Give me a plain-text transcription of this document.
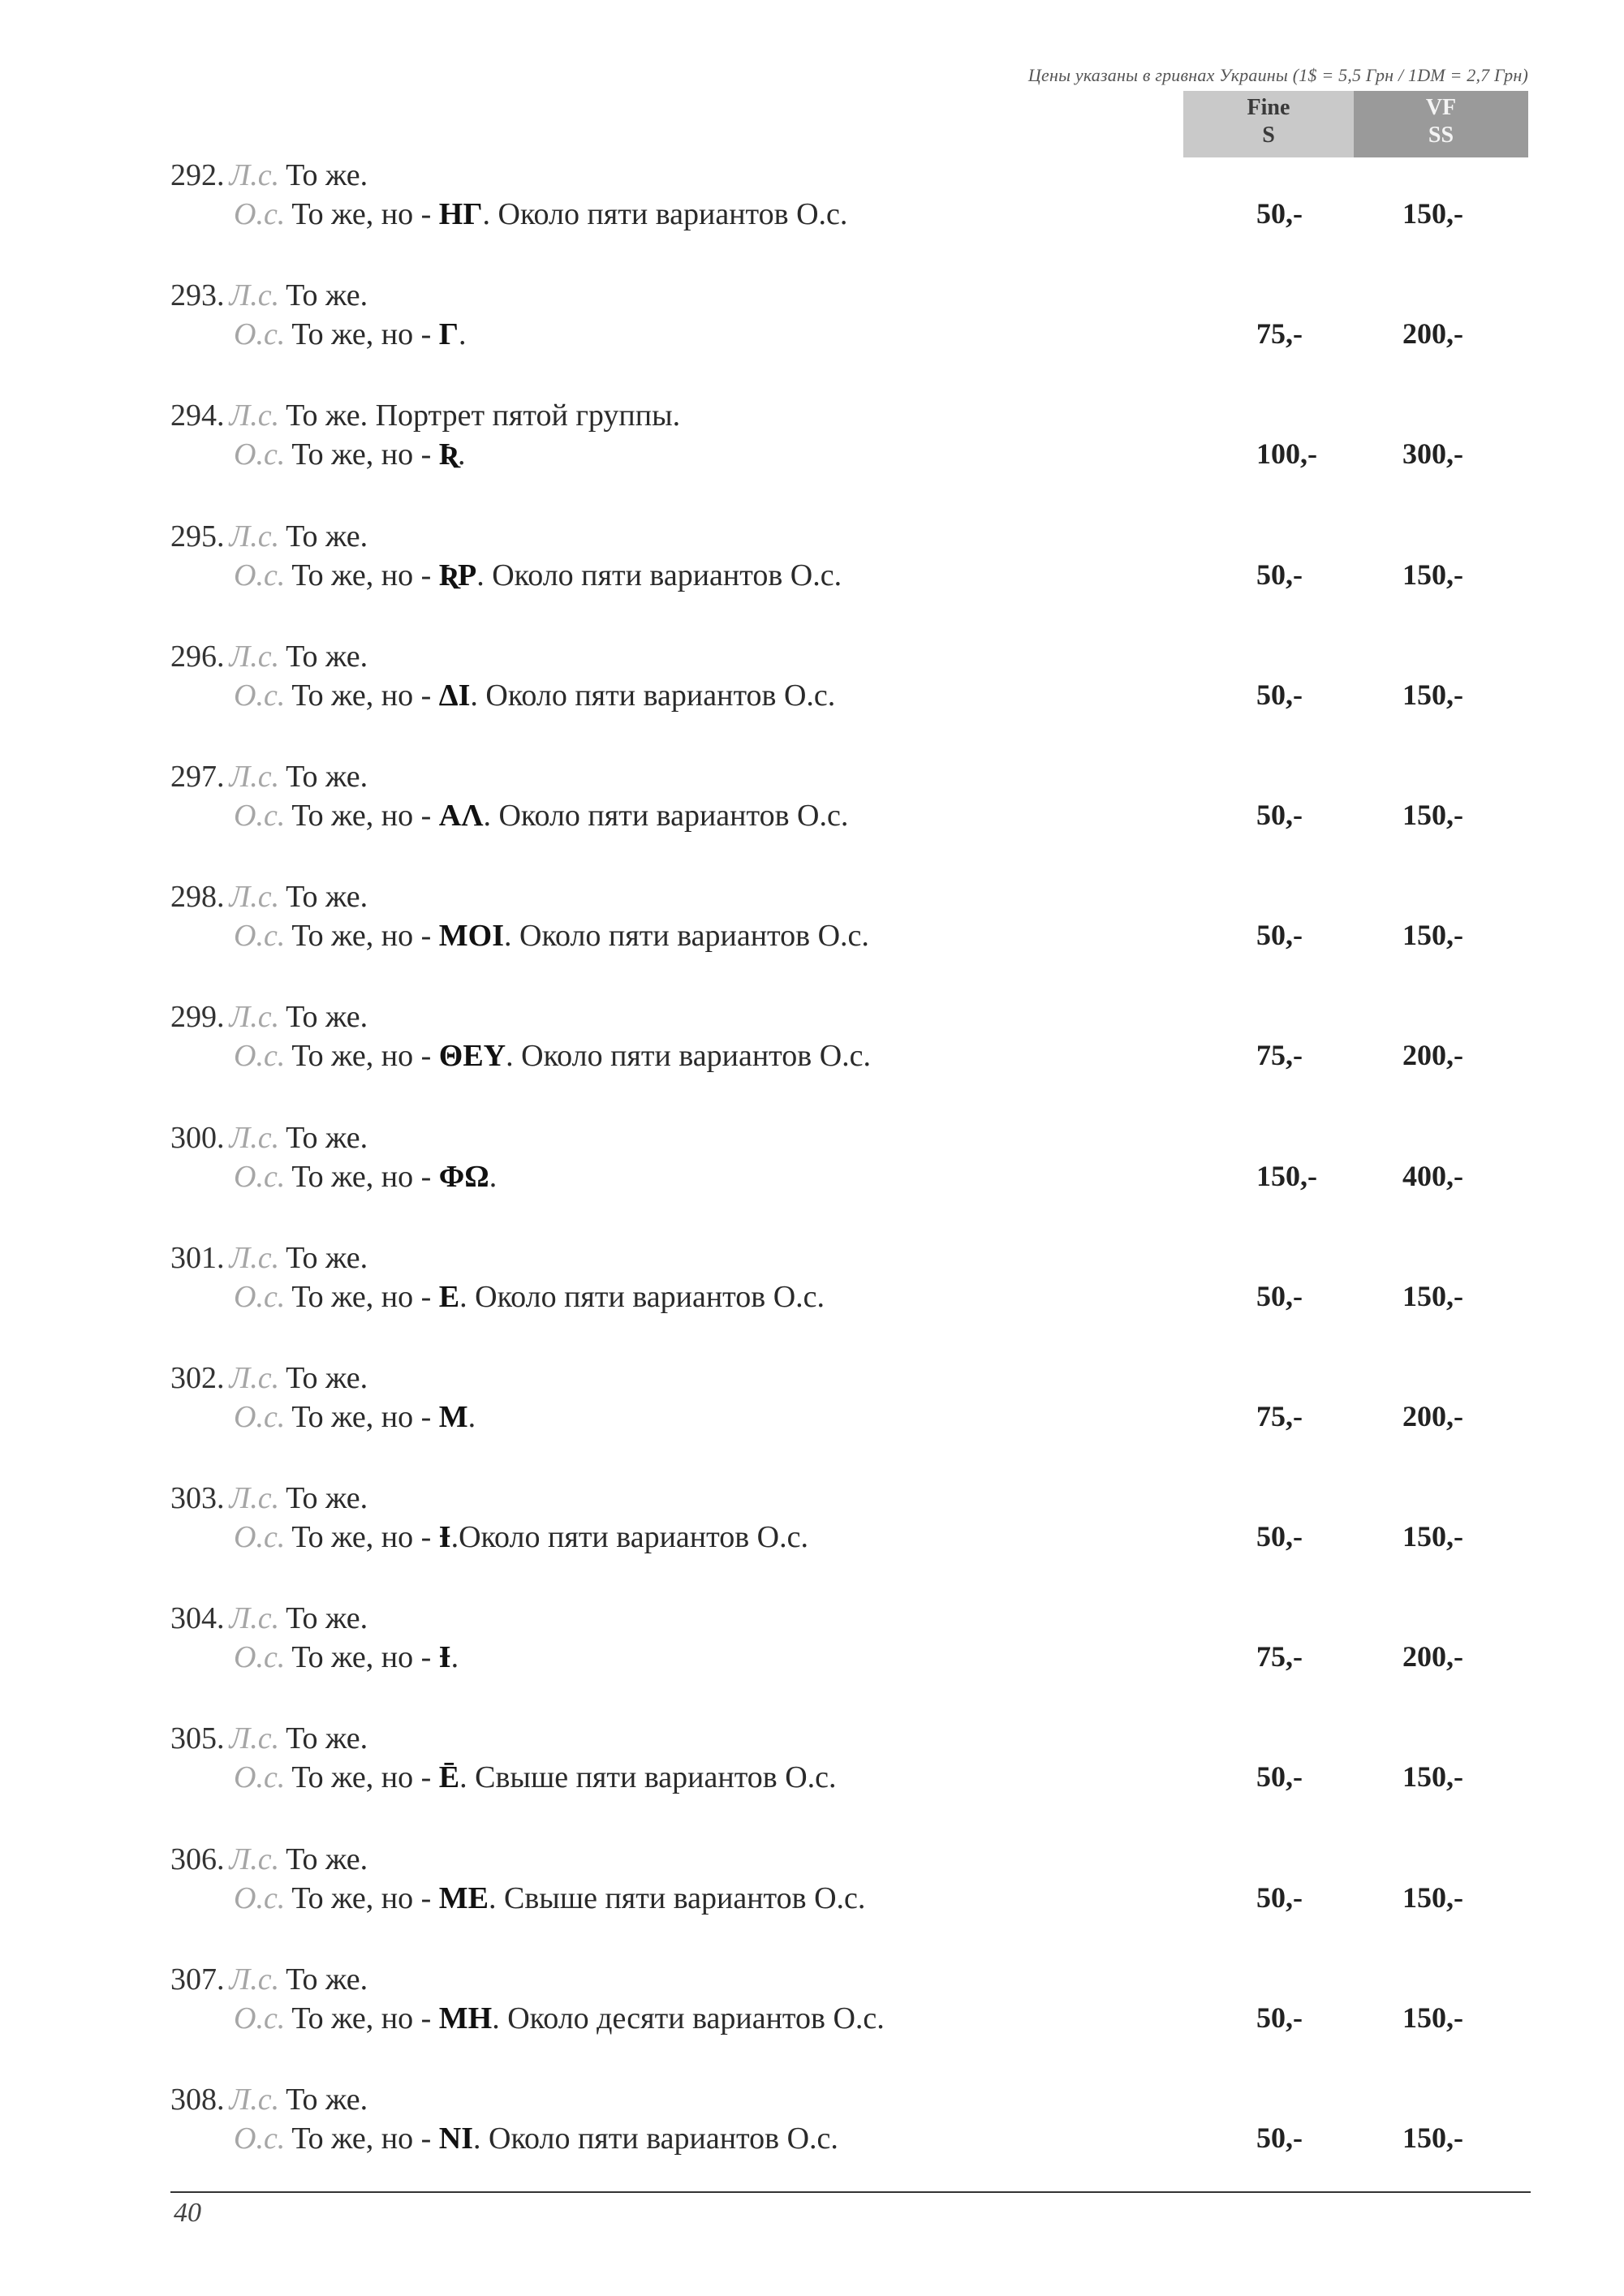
Цены указаны в гривнах Украины (1$ = 5,5 Грн / 1DM = 2,7 Грн)
Fine
S
VF
SS
292. Л.с. То же.
О.с. То же, но - НГ. Около пяти вариантов О.с.	50,-	150,-
293. Л.с. То же.
О.с. То же, но - Г.	75,-	200,-
294. Л.с. То же. Портрет пятой группы.
О.с. То же, но - Ʀ.	100,-	300,-
295. Л.с. То же.
О.с. То же, но - ƦP. Около пяти вариантов О.с.	50,-	150,-
296. Л.с. То же.
О.с. То же, но - ΔI. Около пяти вариантов О.с.	50,-	150,-
297. Л.с. То же.
О.с. То же, но - AΛ. Около пяти вариантов О.с.	50,-	150,-
298. Л.с. То же.
О.с. То же, но - MOI. Около пяти вариантов О.с.	50,-	150,-
299. Л.с. То же.
О.с. То же, но - ΘEY. Около пяти вариантов О.с.	75,-	200,-
300. Л.с. То же.
О.с. То же, но - ΦΩ.	150,-	400,-
301. Л.с. То же.
О.с. То же, но - E. Около пяти вариантов О.с.	50,-	150,-
302. Л.с. То же.
О.с. То же, но - M.	75,-	200,-
303. Л.с. То же.
О.с. То же, но - Ɨ.Около пяти вариантов О.с.	50,-	150,-
304. Л.с. То же.
О.с. То же, но - Ɨ.	75,-	200,-
305. Л.с. То же.
О.с. То же, но - Ē. Свыше пяти вариантов О.с.	50,-	150,-
306. Л.с. То же.
О.с. То же, но - ME. Свыше пяти вариантов О.с.	50,-	150,-
307. Л.с. То же.
О.с. То же, но - MH. Около десяти вариантов О.с.	50,-	150,-
308. Л.с. То же.
О.с. То же, но - NI. Около пяти вариантов О.с.	50,-	150,-
40
